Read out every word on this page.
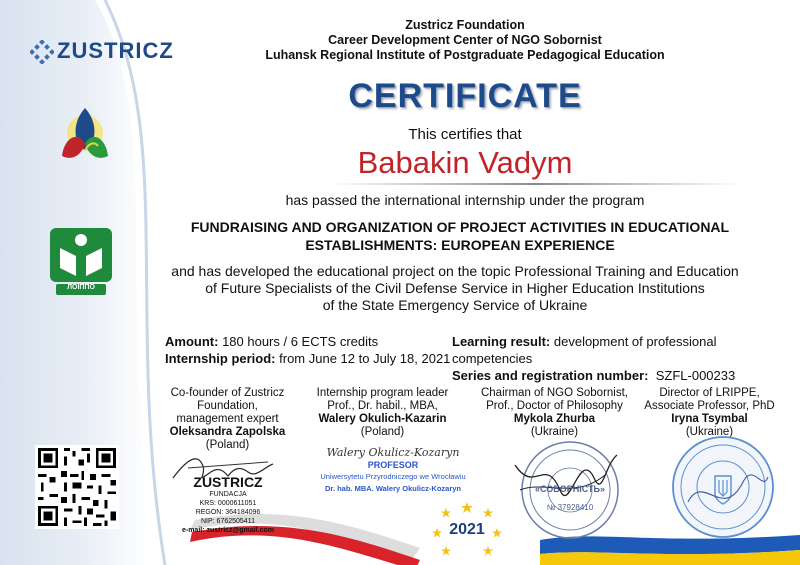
ZUSTRICZ
ЛОІППО
Zustricz Foundation
Career Development Center of NGO Sobornist
Luhansk Regional Institute of Postgraduate Pedagogical Education
CERTIFICATE
This certifies that
Babakin Vadym
has passed the international internship under the program
FUNDRAISING AND ORGANIZATION OF PROJECT ACTIVITIES IN EDUCATIONAL
ESTABLISHMENTS: EUROPEAN EXPERIENCE
and has developed the educational project on the topic Professional Training and Education
of Future Specialists of the Civil Defense Service in Higher Education Institutions
of the State Emergency Service of Ukraine
Amount: 180 hours / 6 ECTS credits
Internship period: from June 12 to July 18, 2021
Learning result: development of professional competencies
Series and registration number: SZFL-000233
Co-founder of Zustricz Foundation,
management expert
Oleksandra Zapolska
(Poland)
Internship program leader
Prof., Dr. habil., MBA,
Walery Okulich-Kazarin
(Poland)
Chairman of NGO Sobornist,
Prof., Doctor of Philosophy
Mykola Zhurba
(Ukraine)
Director of LRIPPE,
Associate Professor, PhD
Iryna Tsymbal
(Ukraine)
ZUSTRICZ
FUNDACJA
KRS: 0000611051
REGON: 364184096
NIP: 6762505411
e-mail: zustricz@gmail.com
Walery Okulicz-Kozaryn
PROFESOR
Uniwersytetu Przyrodniczego we Wrocławiu
Dr. hab. MBA. Walery Okulicz-Kozaryn
2021
«СОБОРНІСТЬ»
№ 37928410
